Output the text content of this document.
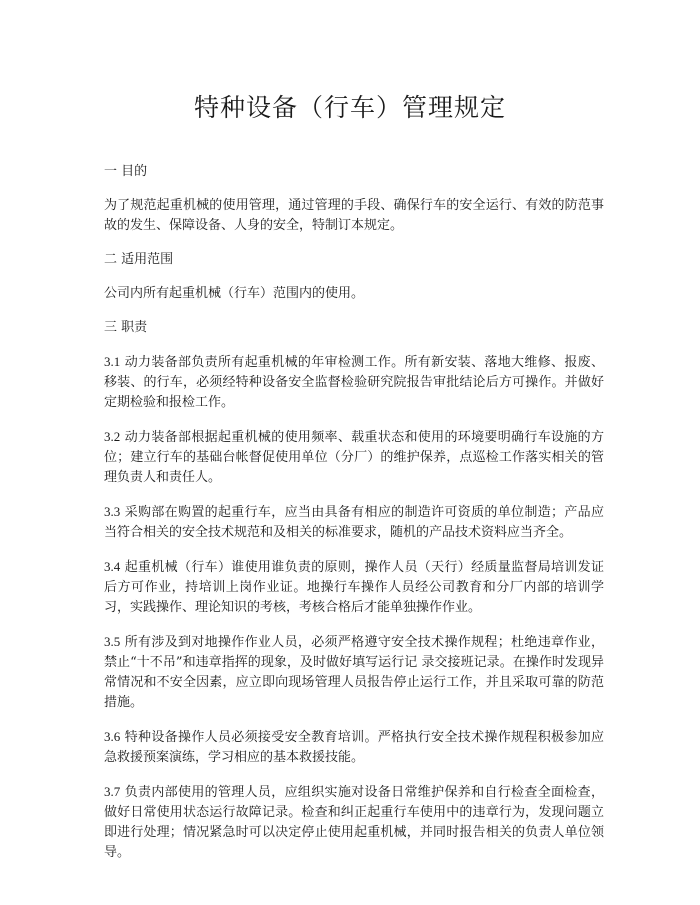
特种设备（行车）管理规定

一 目的

为了规范起重机械的使用管理，通过管理的手段、确保行车的安全运行、有效的防范事故的发生、保障设备、人身的安全，特制订本规定。

二 适用范围

公司内所有起重机械（行车）范围内的使用。

三 职责

3.1 动力装备部负责所有起重机械的年审检测工作。所有新安装、落地大维修、报废、移装、的行车，必须经特种设备安全监督检验研究院报告审批结论后方可操作。并做好定期检验和报检工作。

3.2 动力装备部根据起重机械的使用频率、载重状态和使用的环境要明确行车设施的方位；建立行车的基础台帐督促使用单位（分厂）的维护保养，点巡检工作落实相关的管理负责人和责任人。

3.3 采购部在购置的起重行车，应当由具备有相应的制造许可资质的单位制造；产品应当符合相关的安全技术规范和及相关的标准要求，随机的产品技术资料应当齐全。

3.4 起重机械（行车）谁使用谁负责的原则，操作人员（天行）经质量监督局培训发证后方可作业，持培训上岗作业证。地操行车操作人员经公司教育和分厂内部的培训学习，实践操作、理论知识的考核，考核合格后才能单独操作作业。

3.5 所有涉及到对地操作作业人员，必须严格遵守安全技术操作规程；杜绝违章作业，禁止“十不吊”和违章指挥的现象，及时做好填写运行记 录交接班记录。在操作时发现异常情况和不安全因素，应立即向现场管理人员报告停止运行工作，并且采取可靠的防范措施。

3.6 特种设备操作人员必须接受安全教育培训。严格执行安全技术操作规程积极参加应急救援预案演练，学习相应的基本救援技能。

3.7 负责内部使用的管理人员，应组织实施对设备日常维护保养和自行检查全面检查，做好日常使用状态运行故障记录。检查和纠正起重行车使用中的违章行为，发现问题立即进行处理；情况紧急时可以决定停止使用起重机械，并同时报告相关的负责人单位领导。
